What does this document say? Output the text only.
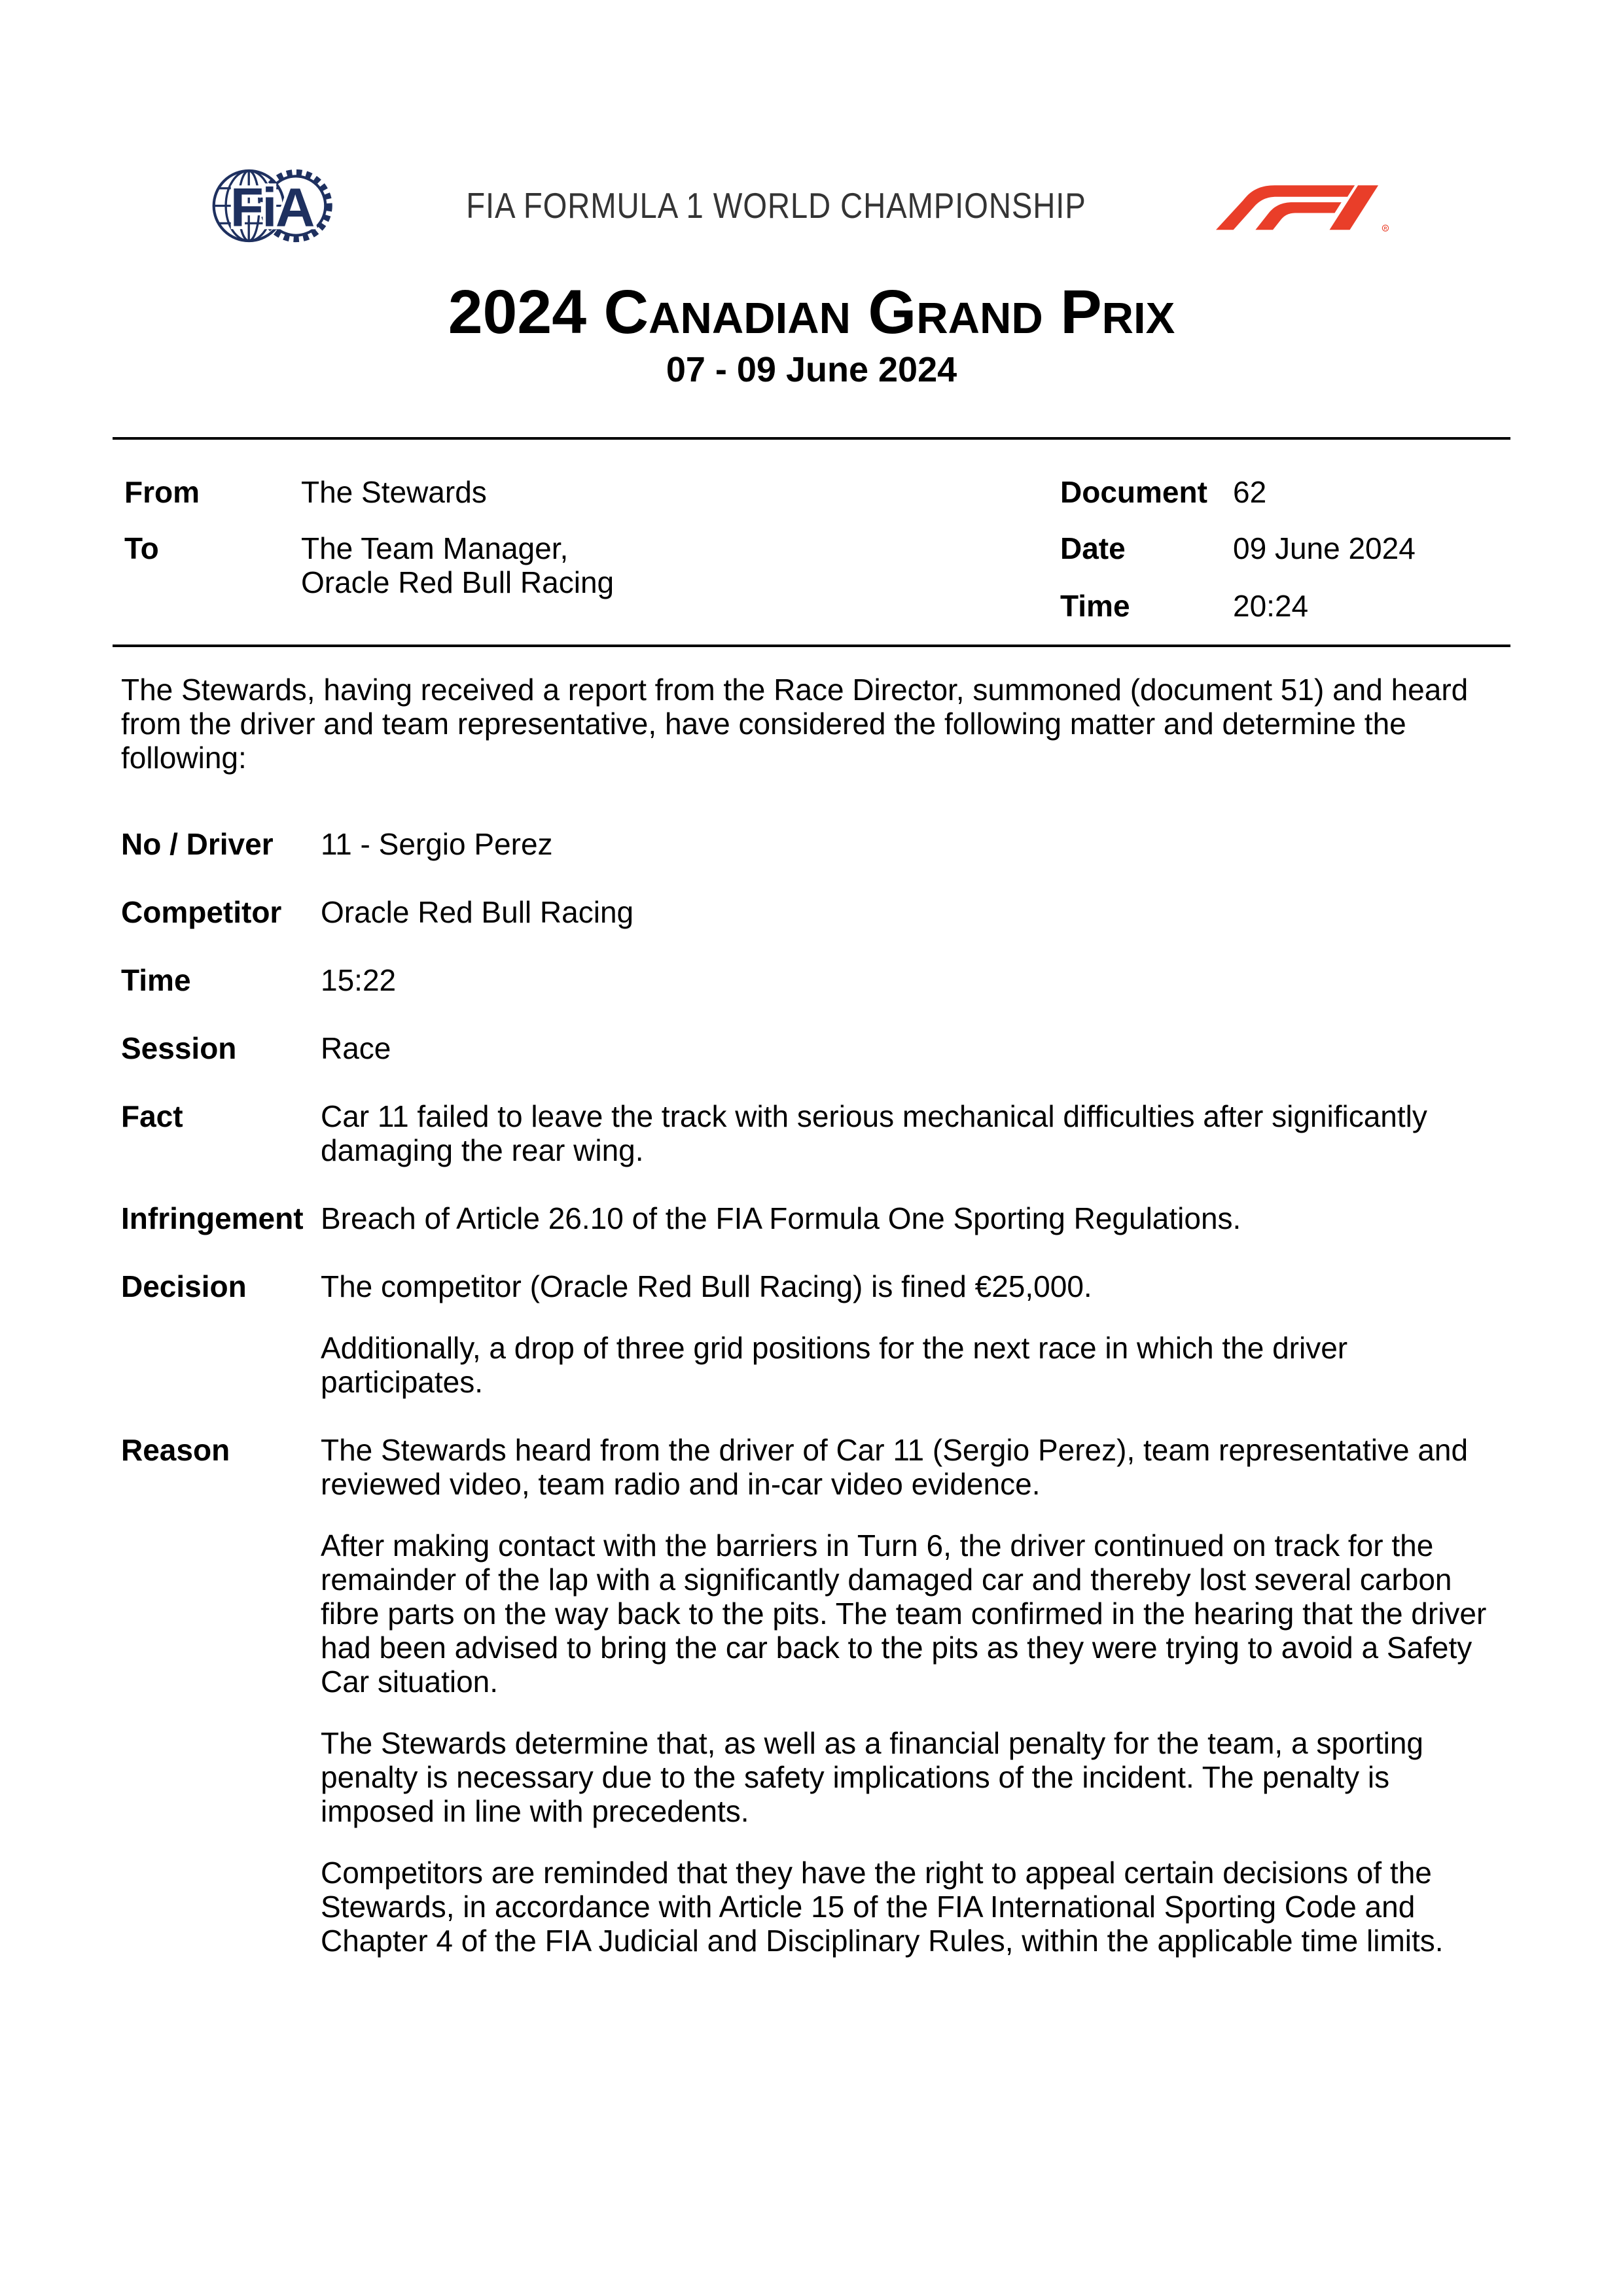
FiA	FIA FORMULA 1 WORLD CHAMPIONSHIP
R
2024 Canadian Grand Prix
07 - 09 June 2024
From	The Stewards
To	The Team Manager,
Oracle Red Bull Racing
Document 62
Date	09 June 2024
Time	20:24

The Stewards, having received a report from the Race Director, summoned (document 51) and heard from the driver and team representative, have considered the following matter and determine the following:

No / Driver	11 - Sergio Perez

Competitor	Oracle Red Bull Racing

Time	15:22

Session	Race

Fact	Car 11 failed to leave the track with serious mechanical difficulties after significantly damaging the rear wing.

Infringement Breach of Article 26.10 of the FIA Formula One Sporting Regulations.

Decision	The competitor (Oracle Red Bull Racing) is fined €25,000.

Additionally, a drop of three grid positions for the next race in which the driver participates.

Reason	The Stewards heard from the driver of Car 11 (Sergio Perez), team representative and reviewed video, team radio and in-car video evidence.

After making contact with the barriers in Turn 6, the driver continued on track for the remainder of the lap with a significantly damaged car and thereby lost several carbon fibre parts on the way back to the pits. The team confirmed in the hearing that the driver had been advised to bring the car back to the pits as they were trying to avoid a Safety Car situation.

The Stewards determine that, as well as a financial penalty for the team, a sporting penalty is necessary due to the safety implications of the incident. The penalty is imposed in line with precedents.

Competitors are reminded that they have the right to appeal certain decisions of the Stewards, in accordance with Article 15 of the FIA International Sporting Code and Chapter 4 of the FIA Judicial and Disciplinary Rules, within the applicable time limits.
